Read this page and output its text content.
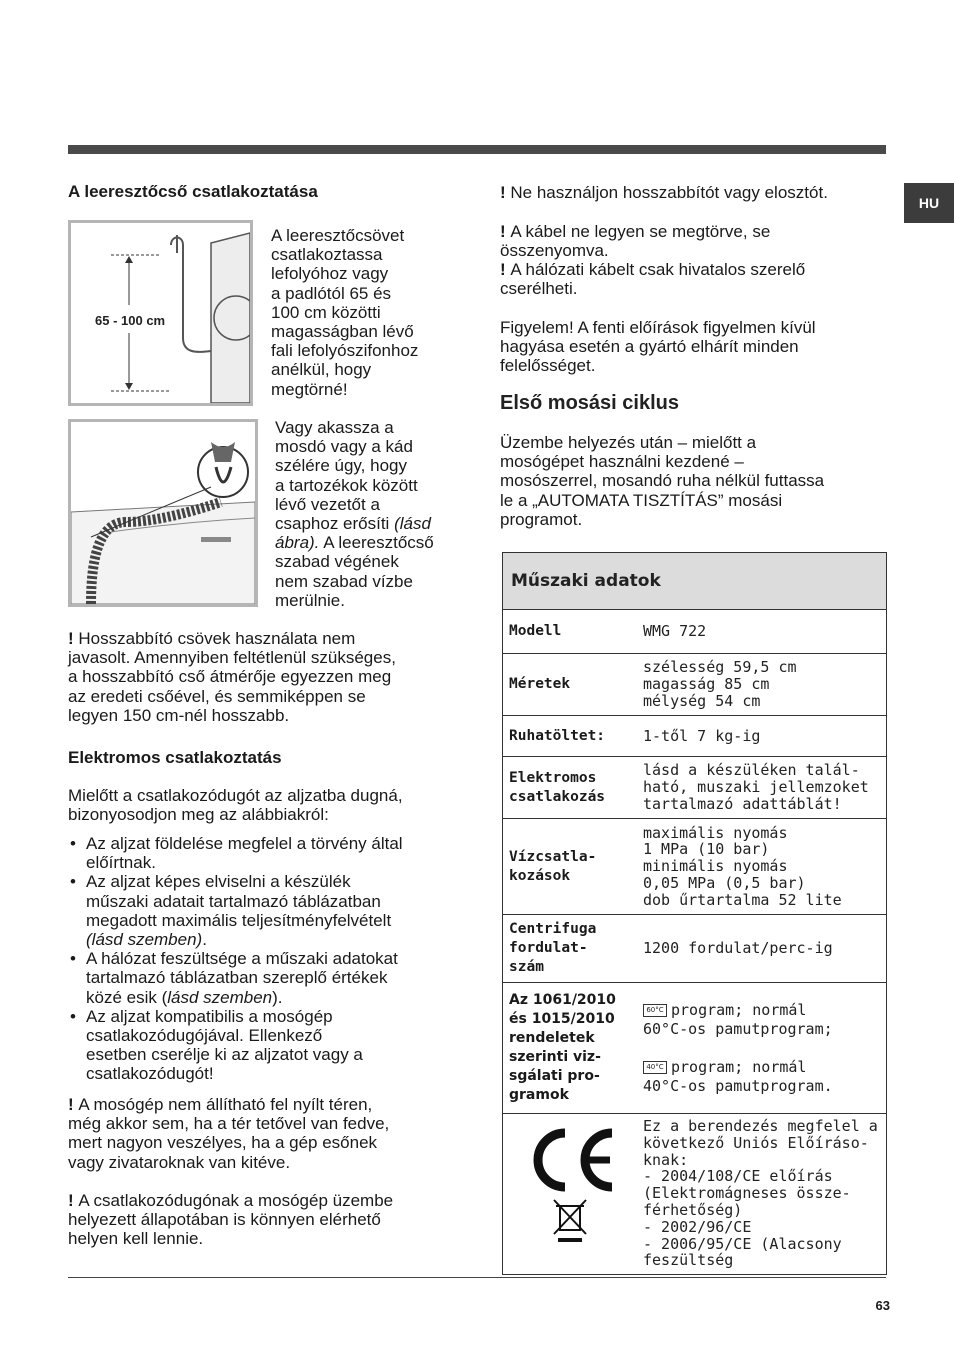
HU
A leeresztőcső csatlakoztatása
65 - 100 cm
A leeresztőcsövet
csatlakoztassa
lefolyóhoz vagy
a padlótól 65 és
100 cm közötti
magasságban lévő
fali lefolyószifonhoz
anélkül, hogy
megtörné!
Vagy akassza a
mosdó vagy a kád
szélére úgy, hogy
a tartozékok között
lévő vezetőt a
csaphoz erősíti (lásd
ábra). A leeresztőcső
szabad végének
nem szabad vízbe
merülnie.
! Hosszabbító csövek használata nem
javasolt. Amennyiben feltétlenül szükséges,
a hosszabbító cső átmérője egyezzen meg
az eredeti csőével, és semmiképpen se
legyen 150 cm-nél hosszabb.
Elektromos csatlakoztatás
Mielőtt a csatlakozódugót az aljzatba dugná,
bizonyosodjon meg az alábbiakról:
• Az aljzat földelése megfelel a törvény által
előírtnak.
• Az aljzat képes elviselni a készülék
műszaki adatait tartalmazó táblázatban
megadott maximális teljesítményfelvételt
(lásd szemben).
• A hálózat feszültsége a műszaki adatokat
tartalmazó táblázatban szereplő értékek
közé esik (lásd szemben).
• Az aljzat kompatibilis a mosógép
csatlakozódugójával. Ellenkező
esetben cserélje ki az aljzatot vagy a
csatlakozódugót!
! A mosógép nem állítható fel nyílt téren,
még akkor sem, ha a tér tetővel van fedve,
mert nagyon veszélyes, ha a gép esőnek
vagy zivataroknak van kitéve.
! A csatlakozódugónak a mosógép üzembe
helyezett állapotában is könnyen elérhető
helyen kell lennie.
! Ne használjon hosszabbítót vagy elosztót.
! A kábel ne legyen se megtörve, se
összenyomva.
! A hálózati kábelt csak hivatalos szerelő
cserélheti.
Figyelem! A fenti előírások figyelmen kívül
hagyása esetén a gyártó elhárít minden
felelősséget.
Első mosási ciklus
Üzembe helyezés után – mielőtt a
mosógépet használni kezdené –
mosószerrel, mosandó ruha nélkül futtassa
le a „AUTOMATA TISZTÍTÁS” mosási
programot.
Műszaki adatok
Modell	WMG 722
Méretek
szélesség 59,5 cm
magasság 85 cm
mélység 54 cm
Ruhatöltet:	1-től 7 kg-ig
Elektromos
csatlakozás
lásd a készüléken talál-
ható, muszaki jellemzoket
tartalmazó adattáblát!
Vízcsatla-
kozások
maximális nyomás
1 MPa (10 bar)
minimális nyomás
0,05 MPa (0,5 bar)
dob űrtartalma 52 lite
Centrifuga
fordulat-
szám
1200 fordulat/perc-ig
Az 1061/2010
és 1015/2010
rendeletek
szerinti viz-
sgálati pro-
gramok

60°C program; normál
60°C-os pamutprogram;

40°C program; normál
40°C-os pamutprogram.

Ez a berendezés megfelel a
következő Uniós Előíráso-
knak:
- 2004/108/CE előírás
(Elektromágneses össze-
férhetőség)
- 2002/96/CE
- 2006/95/CE (Alacsony
feszültség
63
